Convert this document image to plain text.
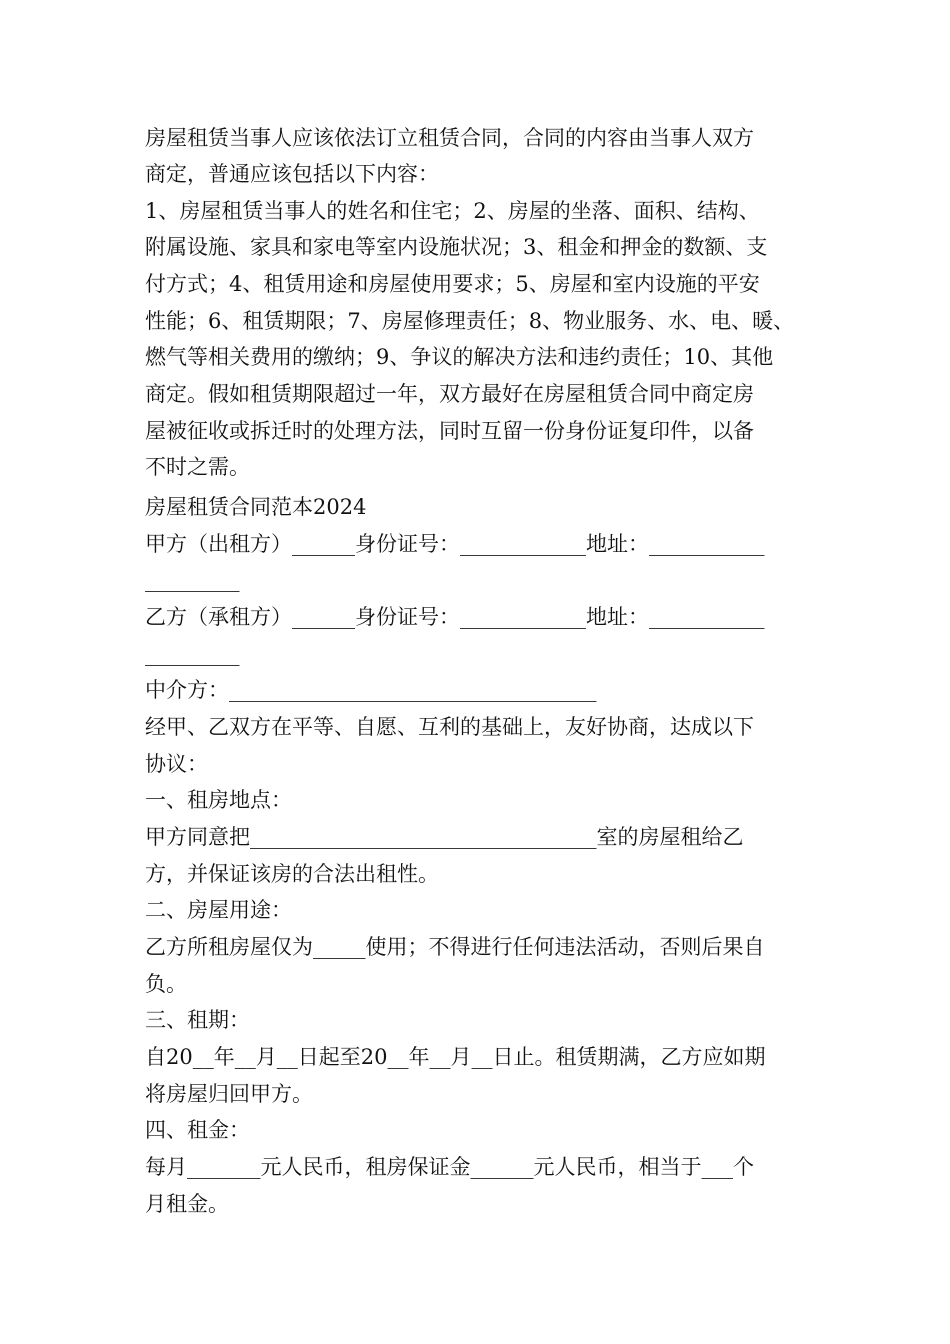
房屋租赁当事人应该依法订立租赁合同，合同的内容由当事人双方
商定，普通应该包括以下内容：
1、房屋租赁当事人的姓名和住宅；2、房屋的坐落、面积、结构、
附属设施、家具和家电等室内设施状况；3、租金和押金的数额、支
付方式；4、租赁用途和房屋使用要求；5、房屋和室内设施的平安
性能；6、租赁期限；7、房屋修理责任；8、物业服务、水、电、暖、
燃气等相关费用的缴纳；9、争议的解决方法和违约责任；10、其他
商定。假如租赁期限超过一年，双方最好在房屋租赁合同中商定房
屋被征收或拆迁时的处理方法，同时互留一份身份证复印件，以备
不时之需。
房屋租赁合同范本2024
甲方（出租方）______身份证号：____________地址：___________
_________
乙方（承租方）______身份证号：____________地址：___________
_________
中介方：___________________________________
经甲、乙双方在平等、自愿、互利的基础上，友好协商，达成以下
协议：
一、租房地点：
甲方同意把_________________________________室的房屋租给乙
方，并保证该房的合法出租性。
二、房屋用途：
乙方所租房屋仅为_____使用；不得进行任何违法活动，否则后果自
负。
三、租期：
自20__年__月__日起至20__年__月__日止。租赁期满，乙方应如期
将房屋归回甲方。
四、租金：
每月_______元人民币，租房保证金______元人民币，相当于___个
月租金。
